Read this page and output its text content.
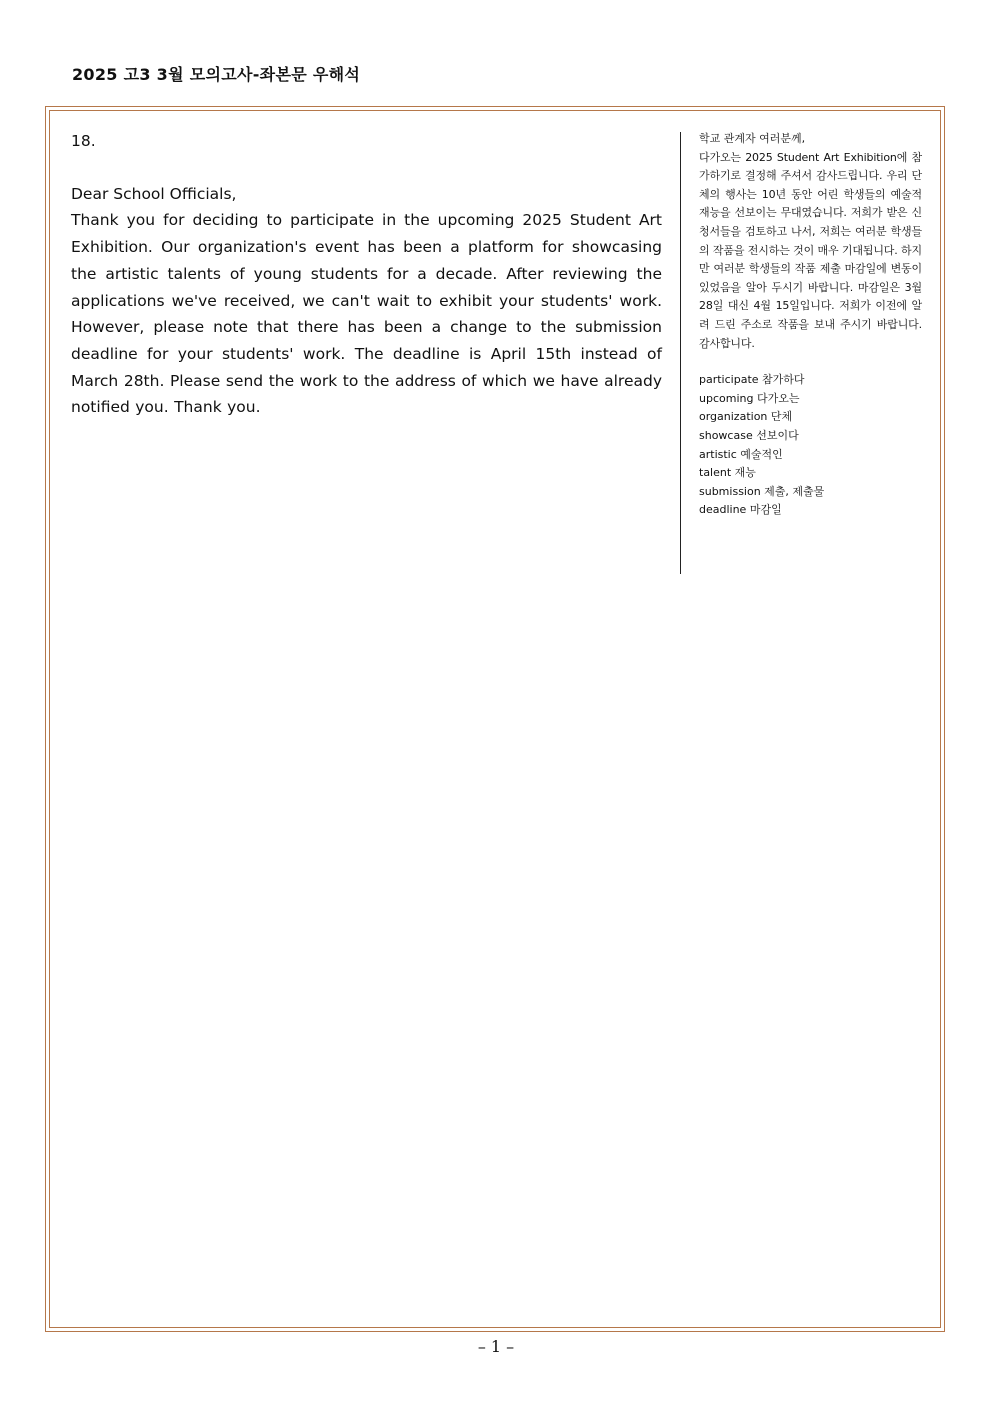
2025 고3 3월 모의고사-좌본문 우해석
18.
Dear School Officials,
Thank you for deciding to participate in the upcoming 2025 Student Art Exhibition. Our organization's event has been a platform for showcasing the artistic talents of young students for a decade. After reviewing the applications we've received, we can't wait to exhibit your students' work. However, please note that there has been a change to the submission deadline for your students' work. The deadline is April 15th instead of March 28th. Please send the work to the address of which we have already notified you. Thank you.
학교 관계자 여러분께,
다가오는 2025 Student Art Exhibition에 참가하기로 결정해 주셔서 감사드립니다. 우리 단체의 행사는 10년 동안 어린 학생들의 예술적 재능을 선보이는 무대였습니다. 저희가 받은 신청서들을 검토하고 나서, 저희는 여러분 학생들의 작품을 전시하는 것이 매우 기대됩니다. 하지만 여러분 학생들의 작품 제출 마감일에 변동이 있었음을 알아 두시기 바랍니다. 마감일은 3월 28일 대신 4월 15일입니다. 저희가 이전에 알려 드린 주소로 작품을 보내 주시기 바랍니다. 감사합니다.
participate 참가하다
upcoming 다가오는
organization 단체
showcase 선보이다
artistic 예술적인
talent 재능
submission 제출, 제출물
deadline 마감일
– 1 –
